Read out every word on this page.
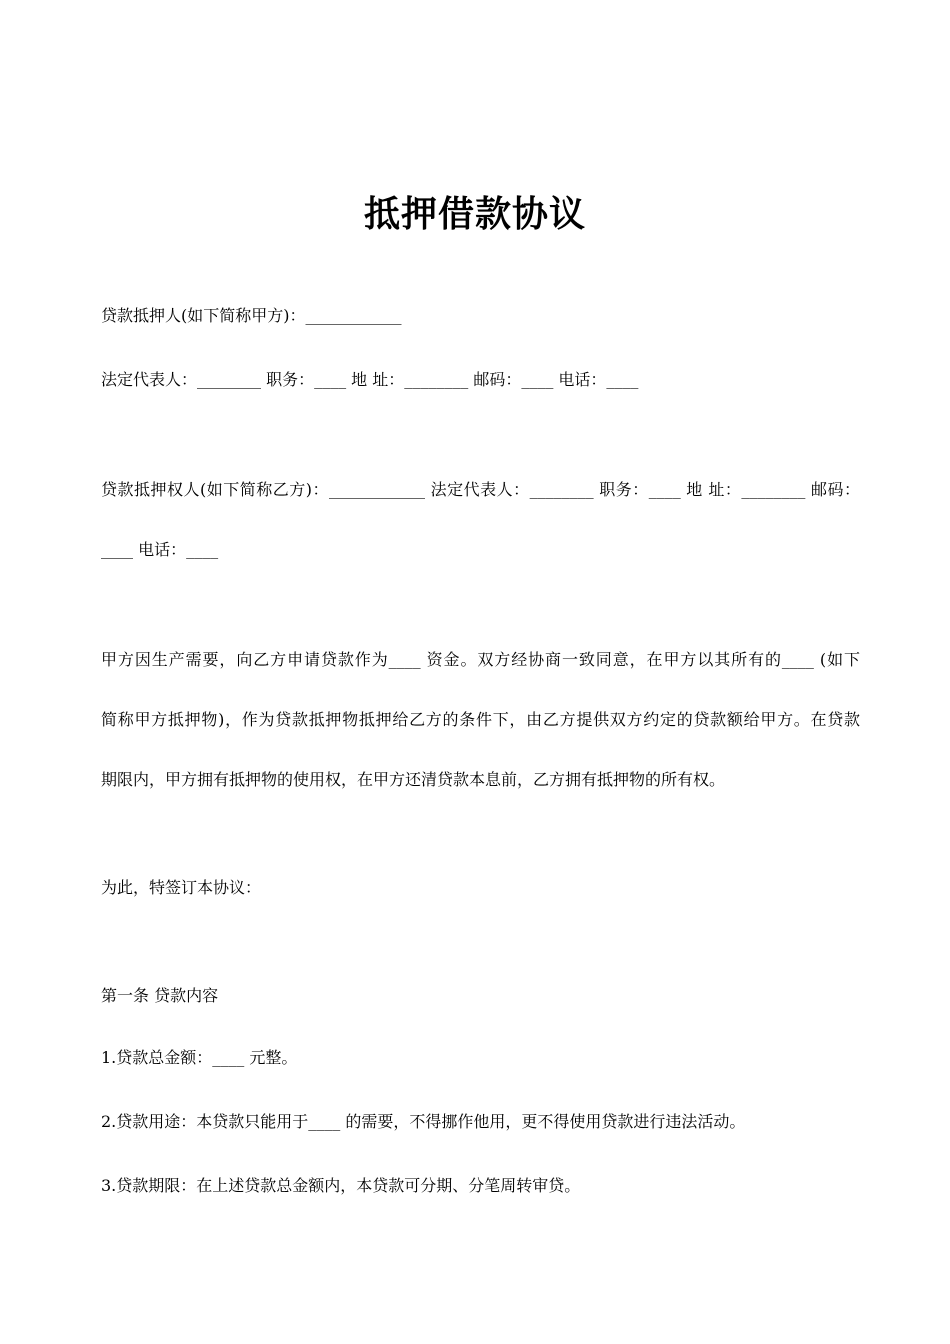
抵押借款协议
贷款抵押人(如下简称甲方)：____________
法定代表人：________ 职务：____ 地 址：________ 邮码：____ 电话：____
贷款抵押权人(如下简称乙方)：____________ 法定代表人：________ 职务：____ 地 址：________ 邮码：
____ 电话：____
甲方因生产需要，向乙方申请贷款作为____ 资金。双方经协商一致同意，在甲方以其所有的____ (如下
简称甲方抵押物)，作为贷款抵押物抵押给乙方的条件下，由乙方提供双方约定的贷款额给甲方。在贷款
期限内，甲方拥有抵押物的使用权，在甲方还清贷款本息前，乙方拥有抵押物的所有权。
为此，特签订本协议：
第一条 贷款内容
1.贷款总金额：____ 元整。
2.贷款用途：本贷款只能用于____ 的需要，不得挪作他用，更不得使用贷款进行违法活动。
3.贷款期限：在上述贷款总金额内，本贷款可分期、分笔周转审贷。
